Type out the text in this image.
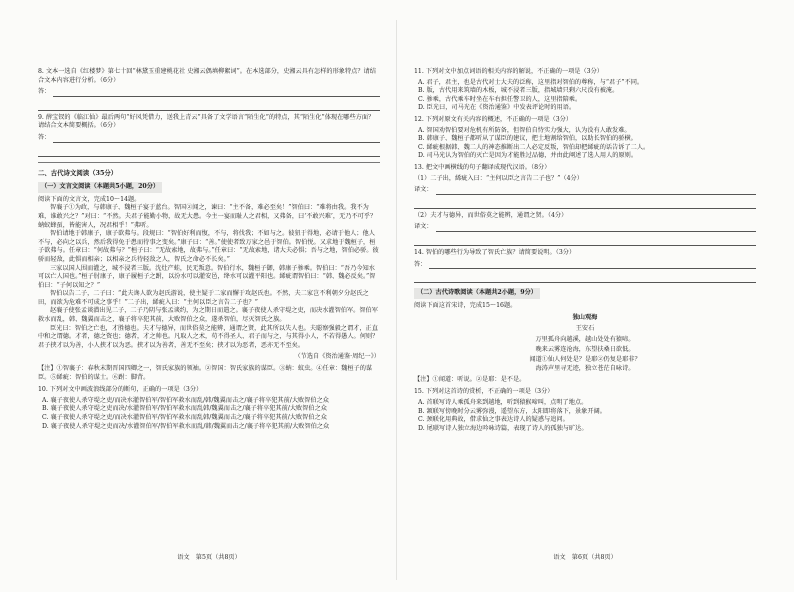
8. 文本一选自《红楼梦》第七十回“林黛玉重建桃花社 史湘云偶填柳絮词”。在本选部分，史湘云具有怎样的形象特点？请结合文本内容进行分析。（6分）

答：

9. 薛宝钗的《临江仙》最后两句“好风凭借力，送我上青云”具备了文学语言“陌生化”的特点，其“陌生化”体现在哪些方面？请结合文本简要概括。（6分）

答：
二、古代诗文阅读（35分）
（一）文言文阅读（本题共5小题，20分）

阅读下面的文言文，完成10～14题。

智襄子①为政，与韩康子、魏桓子宴于蓝台。智国②闻之，谏曰：“主不备，难必至矣！”智伯曰：“难将由我。我不为难，谁敢兴之？”对曰：“不然。夫君子能勤小物，故无大患。今主一宴而耻人之君相，又弗备，曰‘不敢兴难’，无乃不可乎？蚋蚁蜂虿，皆能害人，况君相乎！”弗听。

智伯请地于韩康子，康子欲弗与。段规曰：“智伯好利而愎，不与，将伐我；不如与之。彼狃于得地，必请于他人；他人不与，必向之以兵，然后我得免于患而待事之变矣。”康子曰：“善。”使使者致万家之邑于智伯。智伯悦。又求地于魏桓子，桓子欲弗与。任章曰：“何故弗与？”桓子曰：“无故索地，故弗与。”任章曰：“无故索地，诸大夫必惧；吾与之地，智伯必骄。彼骄而轻敌，此惧而相亲；以相亲之兵待轻敌之人，智氏之命必不长矣。”

三家以国人围而灌之，城不浸者三版。沈灶产蛙，民无叛意。智伯行水，魏桓子御，韩康子骖乘。智伯曰：“吾乃今知水可以亡人国也。”桓子肘康子，康子履桓子之跗，以汾水可以灌安邑，绛水可以灌平阳也。絺疵谓智伯曰：“韩、魏必反矣。”智伯曰：“子何以知之？”

智伯以告二子，二子曰：“此夫谗人欲为赵氏游说，使主疑于二家而懈于攻赵氏也。不然，夫二家岂不利朝夕分赵氏之田，而欲为危难不可成之事乎！”二子出，絺疵入曰：“主何以臣之言告二子也？”

赵襄子使张孟谈潜出见二子，二子乃阴与张孟谈约，为之期日而遣之。襄子夜使人杀守堤之吏，而决水灌智伯军。智伯军救水而乱，韩、魏翼而击之，襄子将卒犯其前，大败智伯之众，遂杀智伯，尽灭智氏之族。

臣光曰：智伯之亡也，才胜德也。夫才与德异，而世俗莫之能辨，通谓之贤，此其所以失人也。夫聪察强毅之谓才，正直中和之谓德。才者，德之资也；德者，才之帅也。凡取人之术，苟不得圣人、君子而与之，与其得小人，不若得愚人。何则？君子挟才以为善，小人挟才以为恶。挟才以为善者，善无不至矣；挟才以为恶者，恶亦无不至矣。

（节选自《资治通鉴·周纪一》）

【注】①智襄子：春秋末期晋国四卿之一，智氏家族的领袖。②智国：智氏家族的谋臣。③蚋：蚊虫。④任章：魏桓子的谋臣。⑤絺疵：智伯的谋士。⑥跗：脚背。

10. 下列对文中画波浪线部分的断句，正确的一项是（3分）

A. 襄子夜使人杀守堤之吏/而决水灌智伯军/智伯军救水而乱/韩/魏翼而击之/襄子将卒犯其前/大败智伯之众

B. 襄子夜使人杀守堤之吏而决/水灌智伯军/智伯军救水而乱韩/魏翼而击之/襄子将卒犯其前/大败智伯之众

C. 襄子夜使人杀守堤之吏/而决水灌智伯军/智伯军救水而乱韩/魏翼而击之/襄子将卒犯其前/大败智伯之众

D. 襄子夜使人杀守堤之吏而决/水灌智伯军/智伯军救水而乱/韩/魏翼而击之/襄子将卒犯其前/大败智伯之众

语文　第5页（共8页）

11. 下列对文中加点词语的相关内容的解说，不正确的一项是（3分）

A. 君子，君主，也是古代对士大夫的泛称，这里指对智伯的尊称，与“君子”不同。

B. 版，古代用来筑墙的木板，城不浸者三版，指城墙只剩六尺没有被淹。

C. 骖乘，古代乘车时坐在车右担任警卫的人，这里指陪乘。

D. 臣光曰，司马光在《资治通鉴》中发表评论时的用语。

12. 下列对原文有关内容的概述，不正确的一项是（3分）

A. 智国劝智伯要对危机有所防备，但智伯自恃实力强大，认为没有人敢发难。

B. 韩康子、魏桓子都听从了谋臣的建议，把土地割给智伯，以助长智伯的骄横。

C. 絺疵根据韩、魏二人的神态推断出二人必定反叛，智伯却把絺疵的话告诉了二人。

D. 司马光认为智伯的灭亡是因为才能胜过品德，并由此阐述了选人用人的原则。

13. 把文中画横线的句子翻译成现代汉语。（8分）

（1）二子出，絺疵入曰：“主何以臣之言告二子也？”（4分）

译文：

（2）夫才与德异，而世俗莫之能辨，通谓之贤。（4分）

译文：

14. 智伯的哪些行为导致了智氏亡族？请简要说明。（3分）

答：
（二）古代诗歌阅读（本题共2小题，9分）

阅读下面这首宋诗，完成15～16题。

独山观海

王安石

万里孤舟向越溪，越山处处有猿啼。

晚来云雾连沧海，东望扶桑日欲低。

闻道①仙人何处是？是耶②仍复是耶非？

海涛声里寻无迹，独立苍茫自咏诗。

【注】①闻道：听说。②是耶：是不是。

15. 下列对这首诗的赏析，不正确的一项是（3分）

A. 首联写诗人乘孤舟来到越地，听到猿猴啼叫，点明了地点。

B. 颔联写傍晚时分云雾弥漫，遥望东方，太阳即将落下，景象开阔。

C. 颈联化用典故，借求仙之事表达诗人的疑惑与追问。

D. 尾联写诗人独立海边吟咏诗篇，表现了诗人的孤独与旷达。

语文　第6页（共8页）
